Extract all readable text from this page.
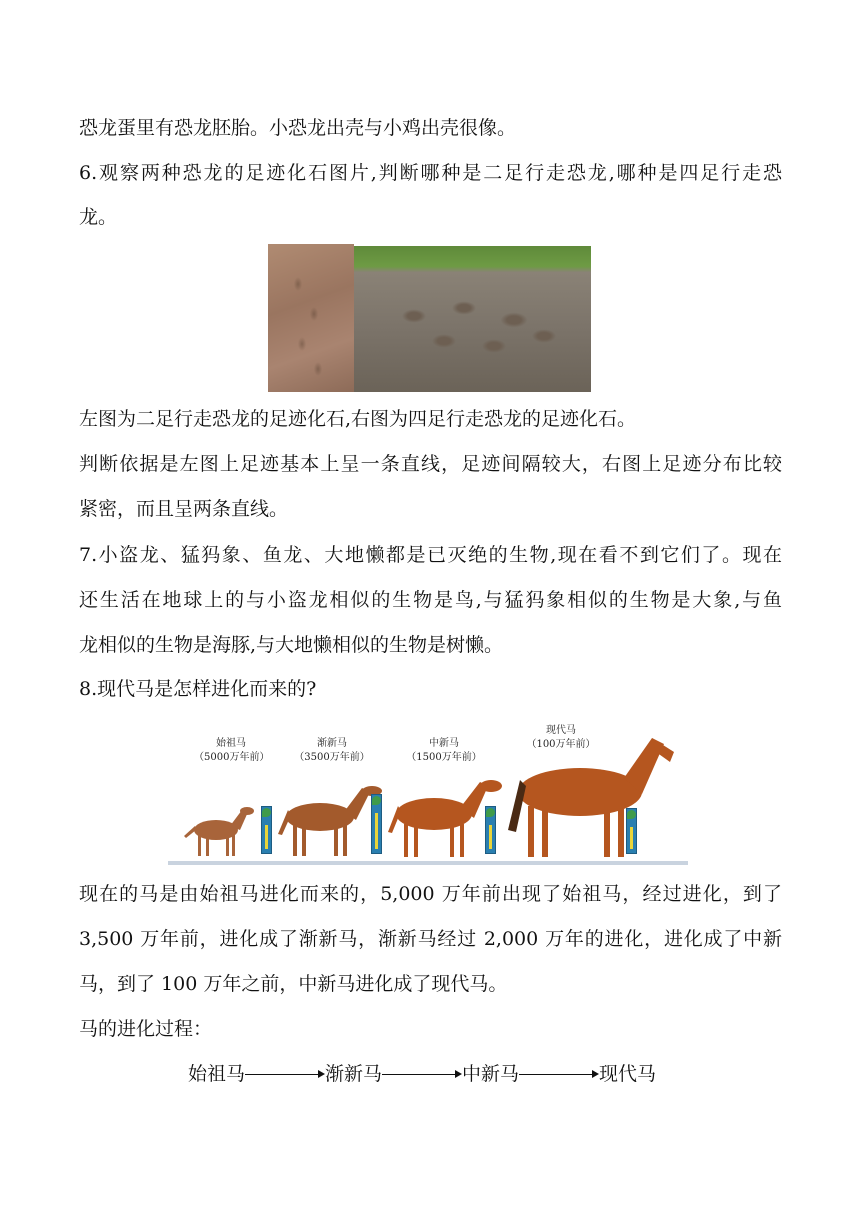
恐龙蛋里有恐龙胚胎。小恐龙出壳与小鸡出壳很像。
6.观察两种恐龙的足迹化石图片,判断哪种是二足行走恐龙,哪种是四足行走恐
龙。
左图为二足行走恐龙的足迹化石,右图为四足行走恐龙的足迹化石。
判断依据是左图上足迹基本上呈一条直线，足迹间隔较大，右图上足迹分布比较
紧密，而且呈两条直线。
7.小盗龙、猛犸象、鱼龙、大地懒都是已灭绝的生物,现在看不到它们了。现在
还生活在地球上的与小盗龙相似的生物是鸟,与猛犸象相似的生物是大象,与鱼
龙相似的生物是海豚,与大地懒相似的生物是树懒。
8.现代马是怎样进化而来的?
始祖马
（5000万年前）
渐新马
（3500万年前）
中新马
（1500万年前）
现代马
（100万年前）
现在的马是由始祖马进化而来的，5,000 万年前出现了始祖马，经过进化，到了
3,500 万年前，进化成了渐新马，渐新马经过 2,000 万年的进化，进化成了中新
马，到了 100 万年之前，中新马进化成了现代马。
马的进化过程：
始祖马	渐新马	中新马	现代马
